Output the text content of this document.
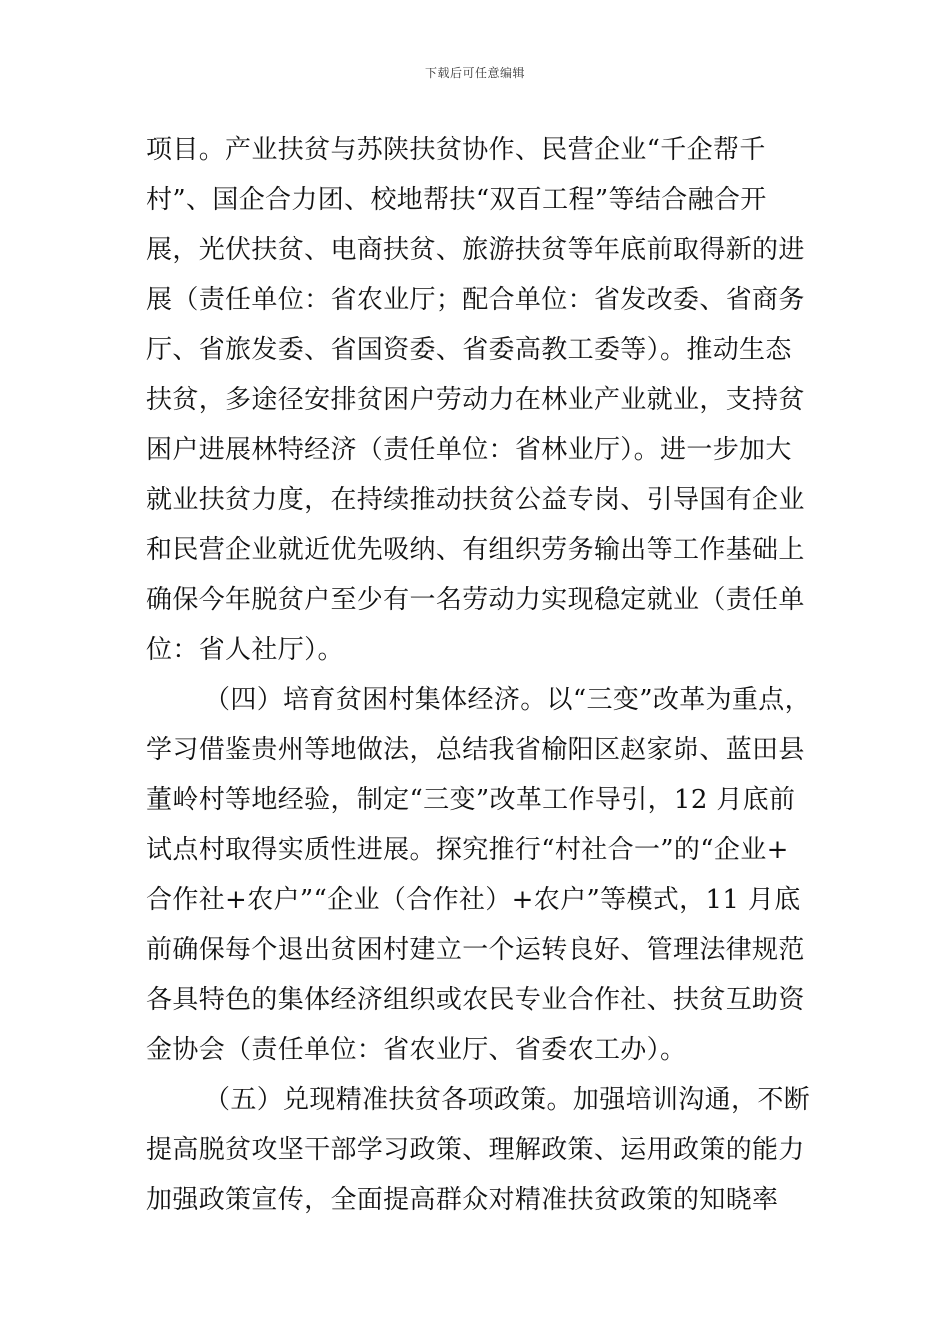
下载后可任意编辑
项目。产业扶贫与苏陕扶贫协作、民营企业“千企帮千
村”、国企合力团、校地帮扶“双百工程”等结合融合开
展，光伏扶贫、电商扶贫、旅游扶贫等年底前取得新的进
展（责任单位：省农业厅；配合单位：省发改委、省商务
厅、省旅发委、省国资委、省委高教工委等）。推动生态
扶贫，多途径安排贫困户劳动力在林业产业就业，支持贫
困户进展林特经济（责任单位：省林业厅）。进一步加大
就业扶贫力度，在持续推动扶贫公益专岗、引导国有企业
和民营企业就近优先吸纳、有组织劳务输出等工作基础上
确保今年脱贫户至少有一名劳动力实现稳定就业（责任单
位：省人社厅）。
（四）培育贫困村集体经济。以“三变”改革为重点，
学习借鉴贵州等地做法，总结我省榆阳区赵家峁、蓝田县
董岭村等地经验，制定“三变”改革工作导引，12 月底前
试点村取得实质性进展。探究推行“村社合一”的“企业+
合作社+农户”“企业（合作社）+农户”等模式，11 月底
前确保每个退出贫困村建立一个运转良好、管理法律规范
各具特色的集体经济组织或农民专业合作社、扶贫互助资
金协会（责任单位：省农业厅、省委农工办）。
（五）兑现精准扶贫各项政策。加强培训沟通，不断
提高脱贫攻坚干部学习政策、理解政策、运用政策的能力
加强政策宣传，全面提高群众对精准扶贫政策的知晓率
